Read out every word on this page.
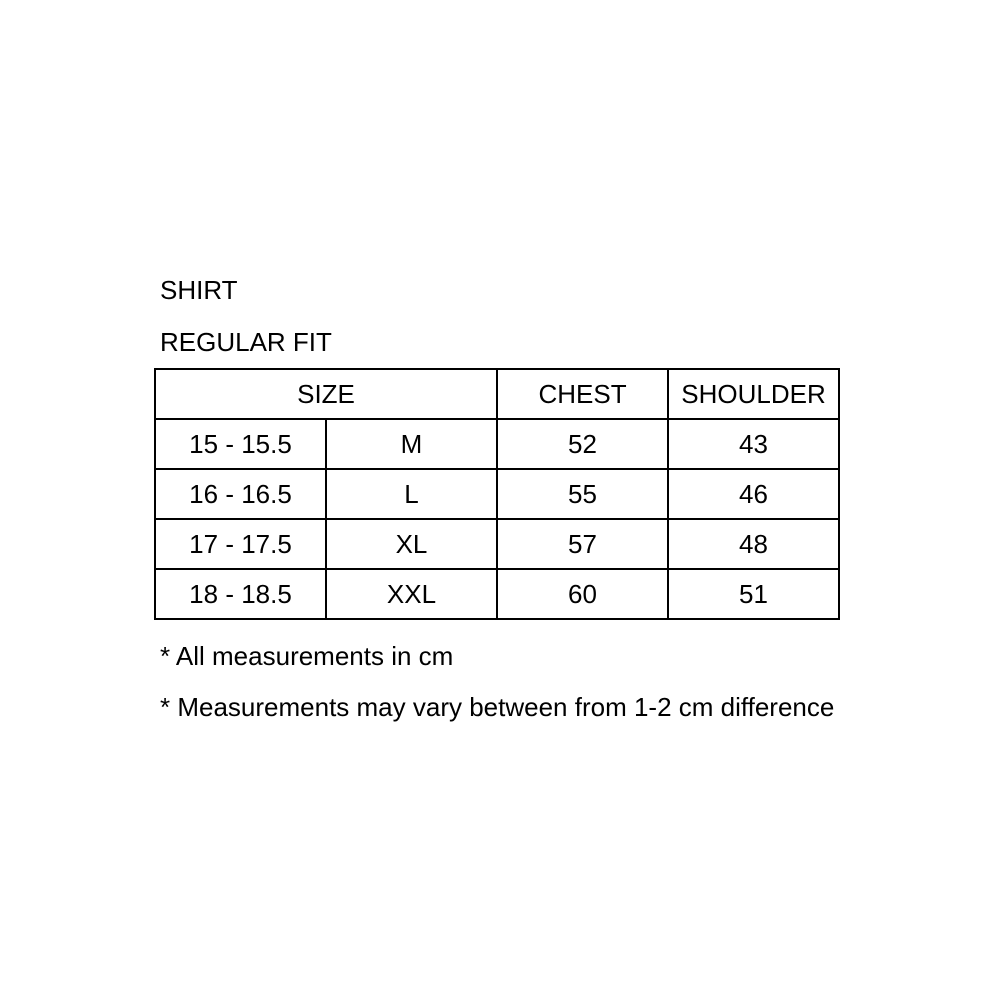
SHIRT
REGULAR FIT
SIZE		CHEST	SHOULDER
15 - 15.5	M	52	43
16 - 16.5	L	55	46
17 - 17.5	XL	57	48
18 - 18.5	XXL	60	51
* All measurements in cm
* Measurements may vary between from 1-2 cm difference
